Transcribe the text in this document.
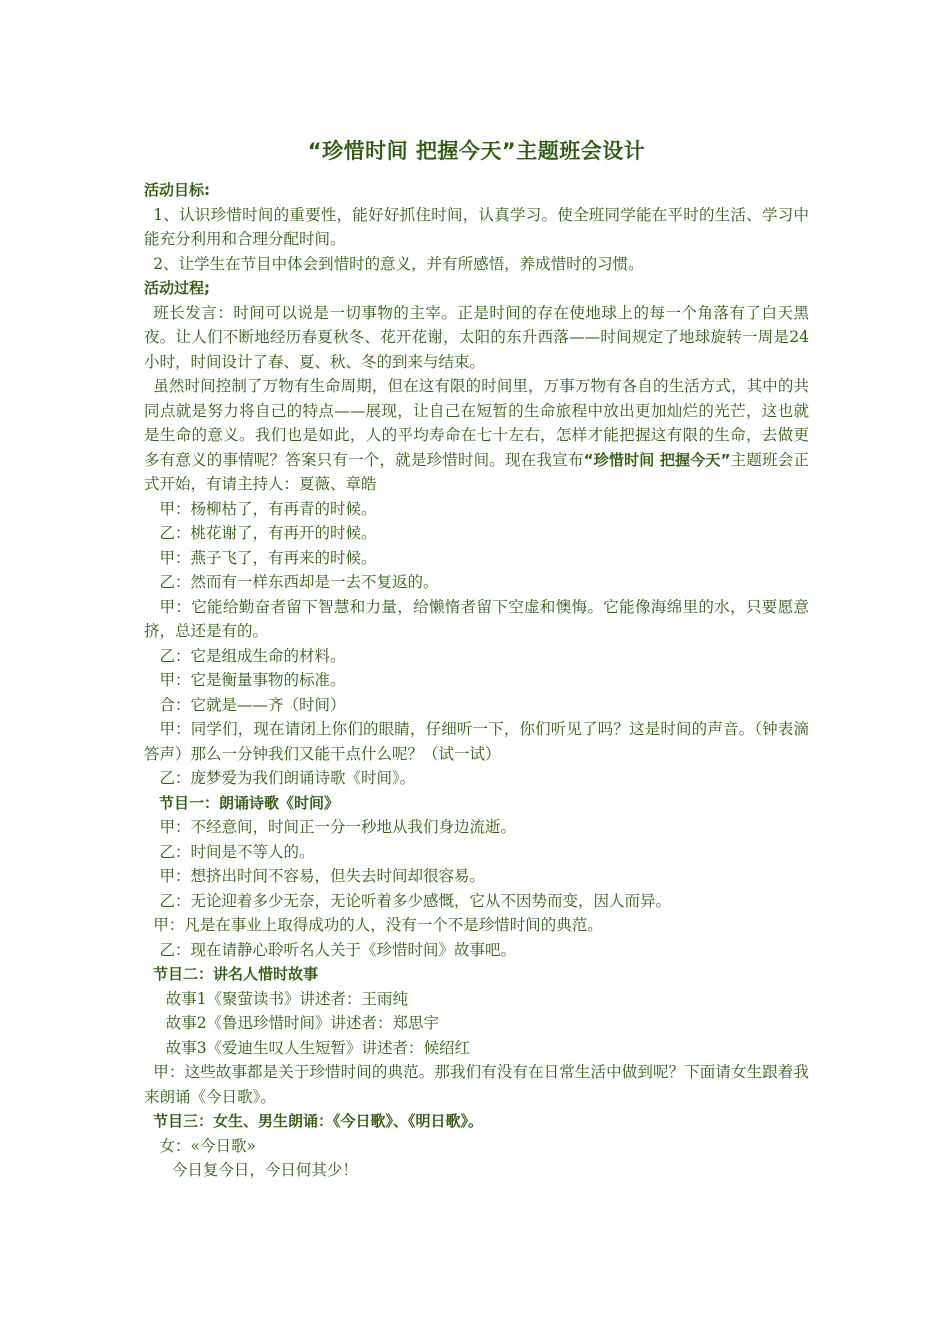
“珍惜时间 把握今天”主题班会设计
活动目标:

1、认识珍惜时间的重要性，能好好抓住时间，认真学习。使全班同学能在平时的生活、学习中能充分利用和合理分配时间。

2、让学生在节目中体会到惜时的意义，并有所感悟，养成惜时的习惯。

活动过程;

班长发言：时间可以说是一切事物的主宰。正是时间的存在使地球上的每一个角落有了白天黑夜。让人们不断地经历春夏秋冬、花开花谢，太阳的东升西落——时间规定了地球旋转一周是24小时，时间设计了春、夏、秋、冬的到来与结束。

虽然时间控制了万物有生命周期，但在这有限的时间里，万事万物有各自的生活方式，其中的共同点就是努力将自己的特点——展现，让自己在短暂的生命旅程中放出更加灿烂的光芒，这也就是生命的意义。我们也是如此，人的平均寿命在七十左右，怎样才能把握这有限的生命，去做更多有意义的事情呢？答案只有一个，就是珍惜时间。现在我宣布“珍惜时间 把握今天”主题班会正式开始，有请主持人：夏薇、章皓

甲：杨柳枯了，有再青的时候。

乙：桃花谢了，有再开的时候。

甲：燕子飞了，有再来的时候。

乙：然而有一样东西却是一去不复返的。

甲：它能给勤奋者留下智慧和力量，给懒惰者留下空虚和懊悔。它能像海绵里的水，只要愿意挤，总还是有的。

乙：它是组成生命的材料。

甲：它是衡量事物的标准。

合：它就是——齐（时间）

甲：同学们，现在请闭上你们的眼睛，仔细听一下，你们听见了吗？这是时间的声音。（钟表滴答声）那么一分钟我们又能干点什么呢？（试一试）

乙：庞梦爱为我们朗诵诗歌《时间》。

节目一：朗诵诗歌《时间》

甲：不经意间，时间正一分一秒地从我们身边流逝。

乙：时间是不等人的。

甲：想挤出时间不容易，但失去时间却很容易。

乙：无论迎着多少无奈，无论听着多少感慨，它从不因势而变，因人而异。

甲：凡是在事业上取得成功的人，没有一个不是珍惜时间的典范。

乙：现在请静心聆听名人关于《珍惜时间》故事吧。

节目二：讲名人惜时故事

故事1《聚萤读书》讲述者：王雨纯

故事2《鲁迅珍惜时间》讲述者：郑思宇

故事3《爱迪生叹人生短暂》讲述者：候绍红

甲：这些故事都是关于珍惜时间的典范。那我们有没有在日常生活中做到呢？下面请女生跟着我来朗诵《今日歌》。

节目三：女生、男生朗诵：《今日歌》、《明日歌》。

女：«今日歌»

今日复今日，今日何其少！
